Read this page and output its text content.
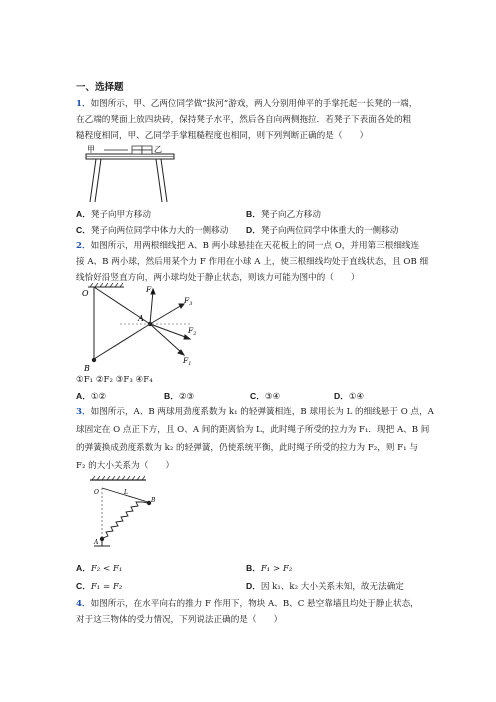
一、选择题
1．如图所示，甲、乙两位同学做“拔河”游戏，两人分别用伸平的手掌托起一长凳的一端，
在乙端的凳面上放四块砖，保持凳子水平，然后各自向两侧拖拉．若凳子下表面各处的粗
糙程度相同，甲、乙同学手掌粗糙程度也相同，则下列判断正确的是（　　）
甲	乙
A．凳子向甲方移动	B．凳子向乙方移动
C．凳子向两位同学中体力大的一侧移动 D．凳子向两位同学中体重大的一侧移动
2．如图所示，用两根细线把 A、B 两小球悬挂在天花板上的同一点 O，并用第三根细线连
接 A、B 两小球，然后用某个力 F 作用在小球 A 上，使三根细线均处于直线状态，且 OB 细
线恰好沿竖直方向，两小球均处于静止状态，则该力可能为图中的（　　）
O
A
B
$F_4$
$F_3$
$F_2$
$F_1$
①F₁ ②F₂ ③F₃ ④F₄
A．①②	B．②③	C．③④	D．①④
3．如图所示，A、B 两球用劲度系数为 k₁ 的轻弹簧相连，B 球用长为 L 的细线悬于 O 点，A
球固定在 O 点正下方，且 O、A 间的距离恰为 L，此时绳子所受的拉力为 F₁．现把 A、B 间
的弹簧换成劲度系数为 k₂ 的轻弹簧，仍使系统平衡，此时绳子所受的拉力为 F₂，则 F₁ 与
F₂ 的大小关系为（　　）
O
B
A
L
A．F₂ < F₁	B．F₁ > F₂
C．F₁ = F₂	D．因 k₁、k₂ 大小关系未知，故无法确定
4．如图所示，在水平向右的推力 F 作用下，物块 A、B、C 悬空靠墙且均处于静止状态，
对于这三物体的受力情况，下列说法正确的是（　　）
